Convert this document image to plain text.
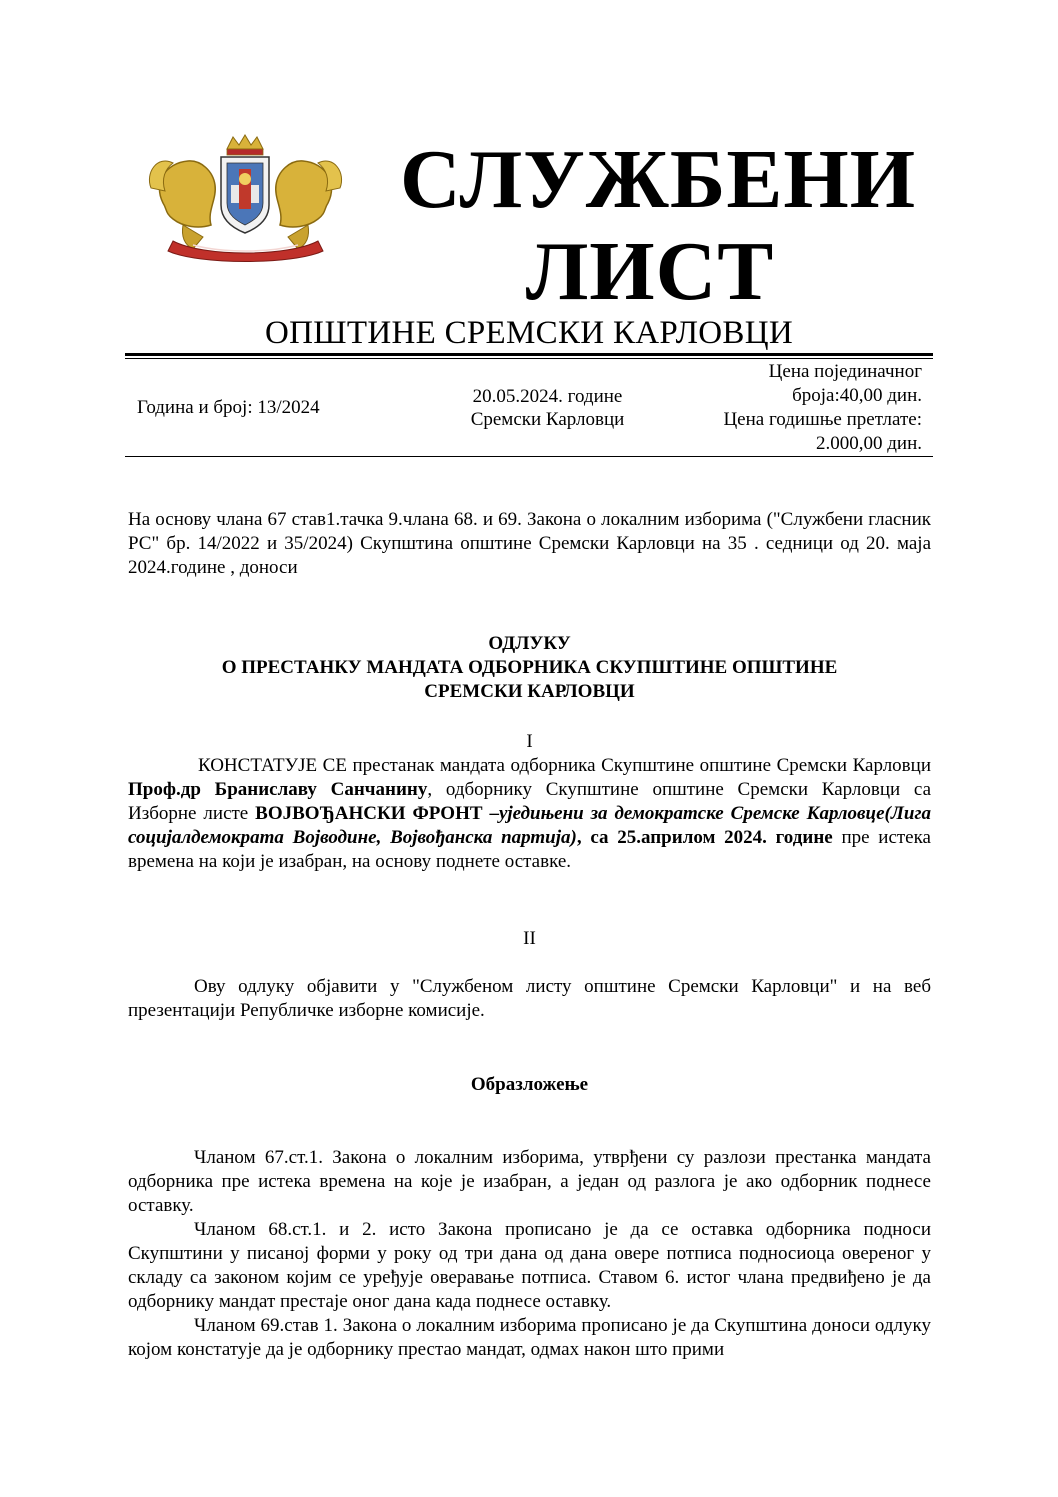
СЛУЖБЕНИ
ЛИСТ
ОПШТИНЕ СРЕМСКИ КАРЛОВЦИ
Година и број: 13/2024
20.05.2024. године
Сремски Карловци
Цена појединачног
броја:40,00 дин.
Цена годишње претлате:
2.000,00 дин.

На основу члана 67 став1.тачка 9.члана 68. и 69. Закона о локалним изборима ("Службени гласник РС" бр. 14/2022 и 35/2024) Скупштина општине Сремски Карловци на 35 . седници од 20. маја 2024.године , доноси

ОДЛУКУ
О ПРЕСТАНКУ МАНДАТА ОДБОРНИКА СКУПШТИНЕ ОПШТИНЕ
СРЕМСКИ КАРЛОВЦИ
I

КОНСТАТУЈЕ СЕ престанак мандата одборника Скупштине општине Сремски Карловци Проф.др Браниславу Санчанину, одборнику Скупштине општине Сремски Карловци са Изборне листе ВОЈВОЂАНСКИ ФРОНТ –уједињени за демократске Сремске Карловце(Лига социјалдемократа Војводине, Војвођанска партија), са 25.априлом 2024. године пре истека времена на који је изабран, на основу поднете оставке.

II

Ову одлуку објавити у "Службеном листу општине Сремски Карловци" и на веб презентацији Републичке изборне комисије.

Образложење

Чланом 67.ст.1. Закона о локалним изборима, утврђени су разлози престанка мандата одборника пре истека времена на које је изабран, а један од разлога је ако одборник поднесе оставку.

Чланом 68.ст.1. и 2. исто Закона прописано је да се оставка одборника подноси Скупштини у писаној форми у року од три дана од дана овере потписа подносиоца овереног у складу са законом којим се уређује оверавање потписа. Ставом 6. истог члана предвиђено је да одборнику мандат престаје оног дана када поднесе оставку.

Чланом 69.став 1. Закона о локалним изборима прописано је да Скупштина доноси одлуку којом констатује да је одборнику престао мандат, одмах након што прими
